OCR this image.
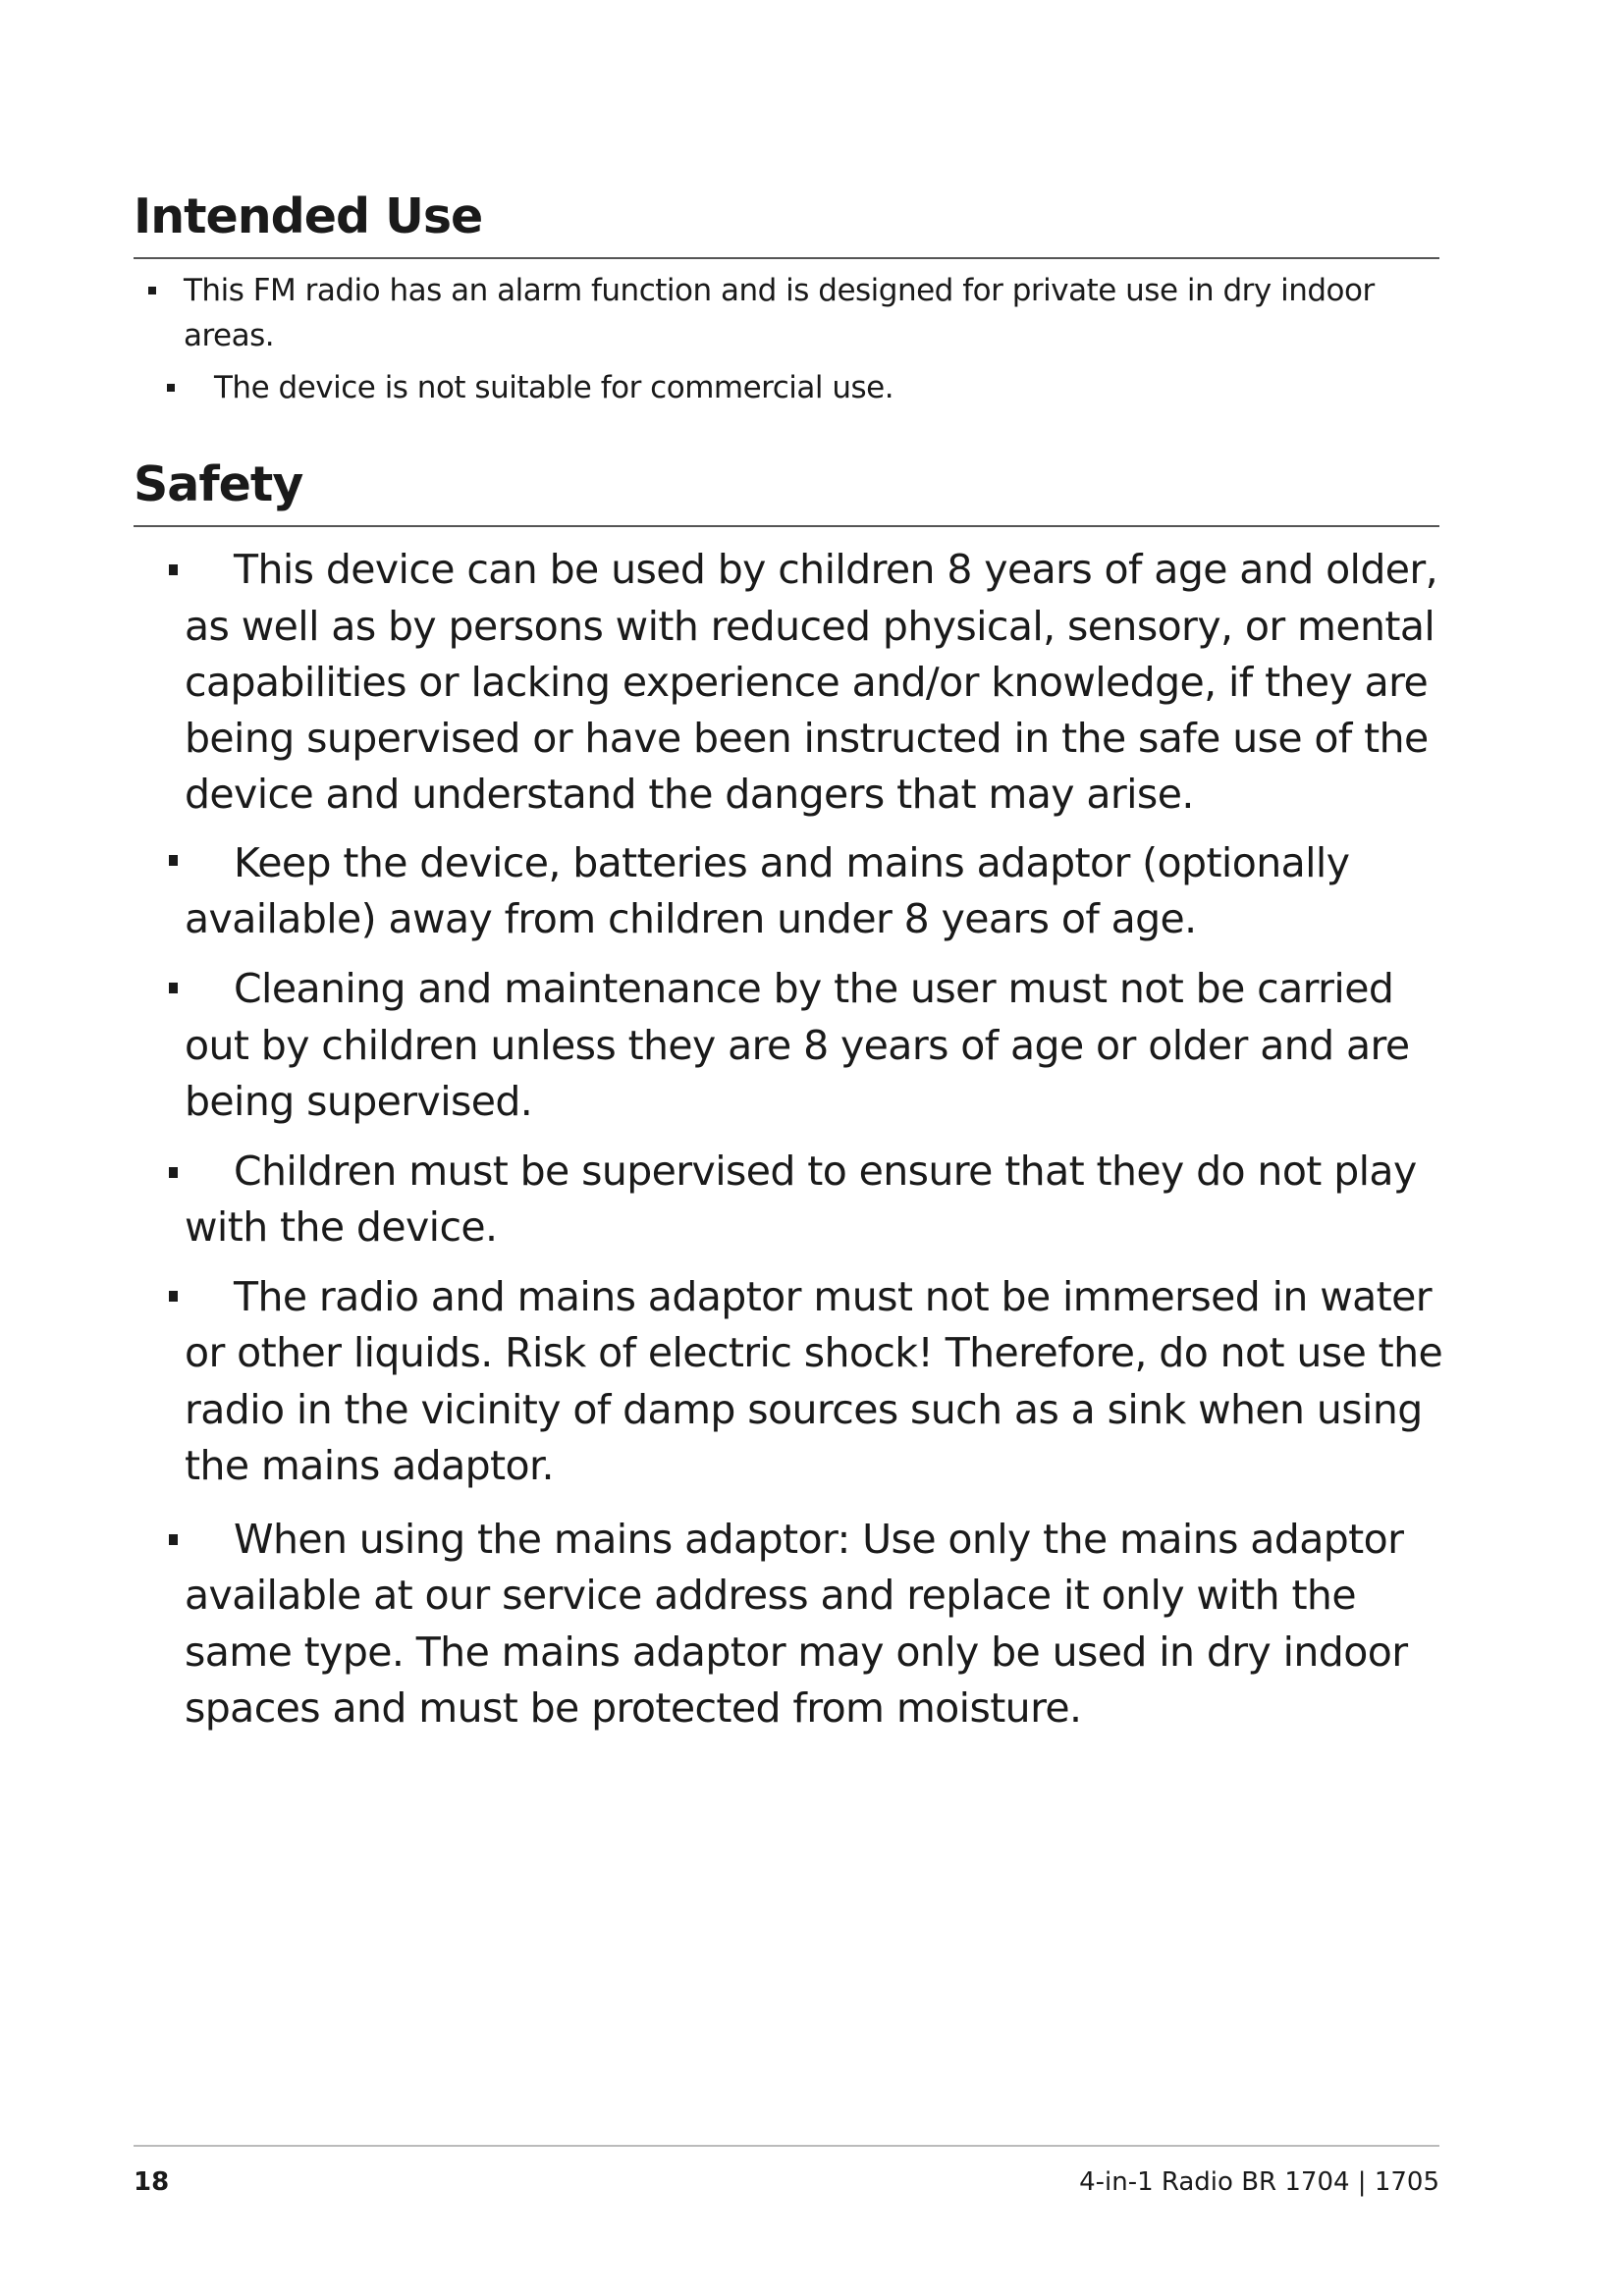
Intended Use

This FM radio has an alarm function and is designed for private use in dry indoor

areas.

The device is not suitable for commercial use.

Safety

This device can be used by children 8 years of age and older,

as well as by persons with reduced physical, sensory, or mental

capabilities or lacking experience and/or knowledge, if they are

being supervised or have been instructed in the safe use of the

device and understand the dangers that may arise.

Keep the device, batteries and mains adaptor (optionally

available) away from children under 8 years of age.

Cleaning and maintenance by the user must not be carried

out by children unless they are 8 years of age or older and are

being supervised.

Children must be supervised to ensure that they do not play

with the device.

The radio and mains adaptor must not be immersed in water

or other liquids. Risk of electric shock! Therefore, do not use the

radio in the vicinity of damp sources such as a sink when using

the mains adaptor.

When using the mains adaptor: Use only the mains adaptor

available at our service address and replace it only with the

same type. The mains adaptor may only be used in dry indoor

spaces and must be protected from moisture.

18	4-in-1 Radio BR 1704 | 1705
